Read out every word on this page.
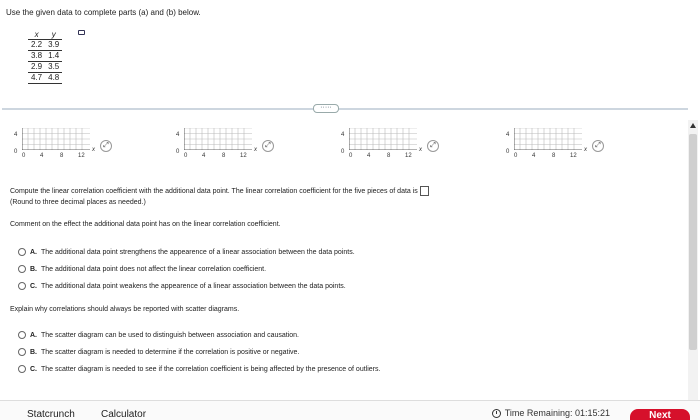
Use the given data to complete parts (a) and (b) below.
x	y
2.2	3.9
3.8	1.4
2.9	3.5
4.7	4.8
·····
4
0
0 4	8 12
x
⤢
4
0
0 4	8 12
x
⤢
4
0
0 4	8 12
x
⤢
4
0
0 4	8 12
x
⤢
Compute the linear correlation coefficient with the additional data point. The linear correlation coefficient for the five pieces of data is
(Round to three decimal places as needed.)
Comment on the effect the additional data point has on the linear correlation coefficient.
A. The additional data point strengthens the appearence of a linear association between the data points.
B. The additional data point does not affect the linear correlation coefficient.
C. The additional data point weakens the appearence of a linear association between the data points.
Explain why correlations should always be reported with scatter diagrams.
A. The scatter diagram can be used to distinguish between association and causation.
B. The scatter diagram is needed to determine if the correlation is positive or negative.
C. The scatter diagram is needed to see if the correlation coefficient is being affected by the presence of outliers.
Statcrunch	Calculator	Time Remaining: 01:15:21	Next
